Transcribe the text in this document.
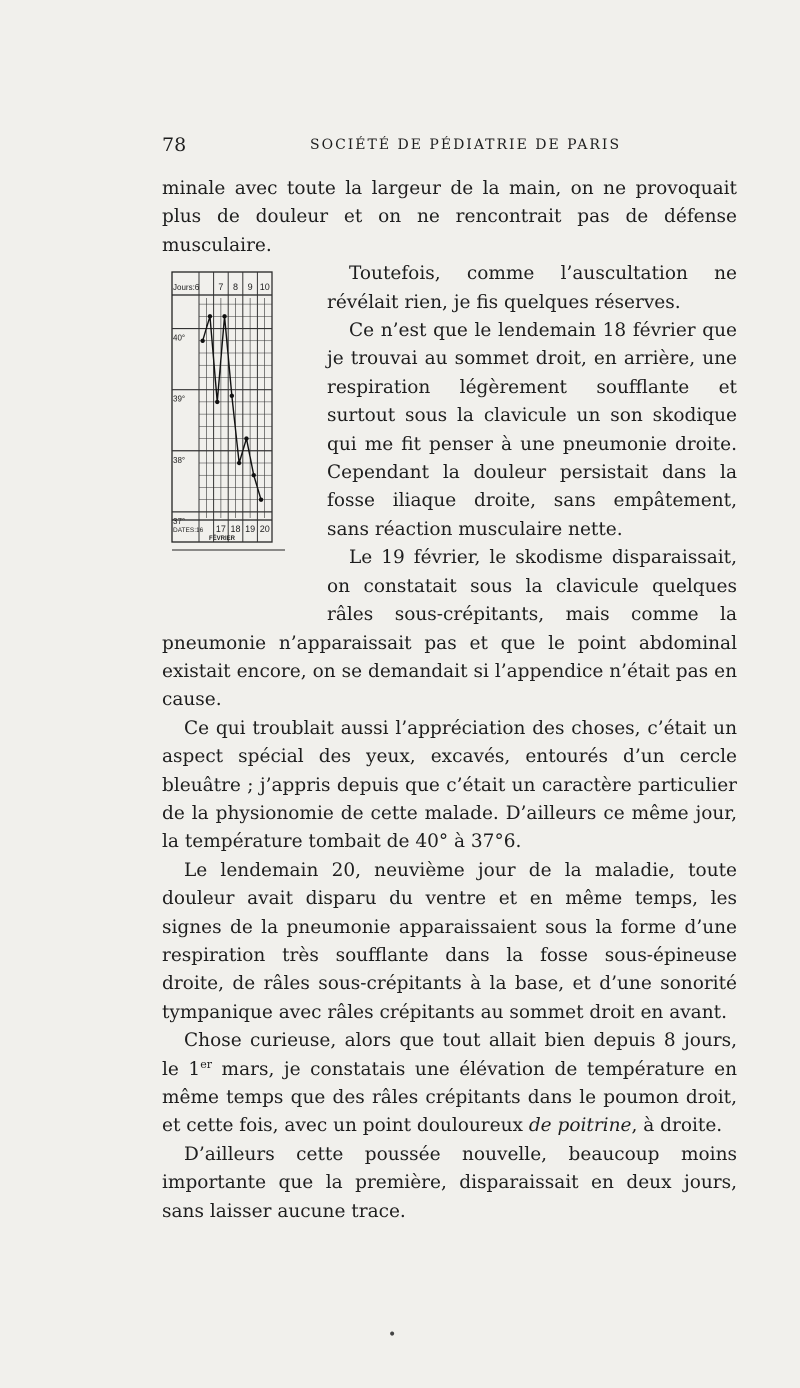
78	SOCIÉTÉ DE PÉDIATRIE DE PARIS

minale avec toute la largeur de la main, on ne provoquait plus de douleur et on ne rencontrait pas de défense musculaire.

Jours:6 7 8 9 10
DATES:16 17 18 19 20
FÉVRIER
40°
39°
38°
37°

Toutefois, comme l’auscultation ne révélait rien, je fis quelques réserves.

Ce n’est que le lendemain 18 février que je trouvai au sommet droit, en arrière, une respiration légèrement soufflante et surtout sous la clavicule un son skodique qui me fit penser à une pneumonie droite. Cependant la douleur persistait dans la fosse iliaque droite, sans empâtement, sans réaction musculaire nette.

Le 19 février, le skodisme disparaissait, on constatait sous la clavicule quelques râles sous-crépitants, mais comme la pneumonie n’apparaissait pas et que le point abdominal existait encore, on se demandait si l’appendice n’était pas en cause.

Ce qui troublait aussi l’appréciation des choses, c’était un aspect spécial des yeux, excavés, entourés d’un cercle bleuâtre ; j’appris depuis que c’était un caractère particulier de la physionomie de cette malade. D’ailleurs ce même jour, la température tombait de 40° à 37°6.

Le lendemain 20, neuvième jour de la maladie, toute douleur avait disparu du ventre et en même temps, les signes de la pneumonie apparaissaient sous la forme d’une respiration très soufflante dans la fosse sous-épineuse droite, de râles sous-crépitants à la base, et d’une sonorité tympanique avec râles crépitants au sommet droit en avant.

Chose curieuse, alors que tout allait bien depuis 8 jours, le 1er mars, je constatais une élévation de température en même temps que des râles crépitants dans le poumon droit, et cette fois, avec un point douloureux de poitrine, à droite.

D’ailleurs cette poussée nouvelle, beaucoup moins importante que la première, disparaissait en deux jours, sans laisser aucune trace.

•
